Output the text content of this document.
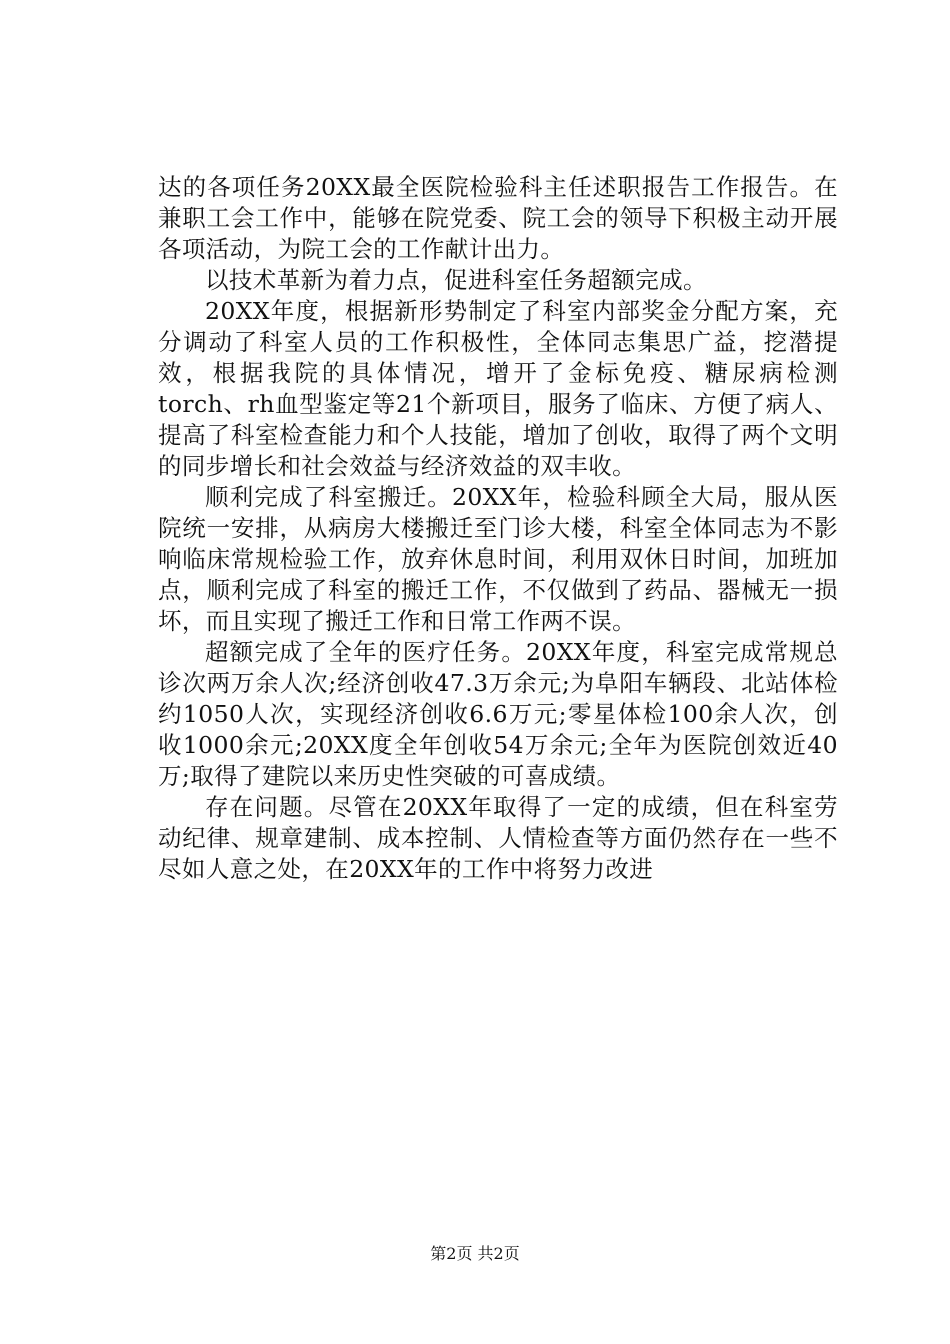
达的各项任务20XX最全医院检验科主任述职报告工作报告。在兼职工会工作中，能够在院党委、院工会的领导下积极主动开展各项活动，为院工会的工作献计出力。

以技术革新为着力点，促进科室任务超额完成。

20XX年度，根据新形势制定了科室内部奖金分配方案，充分调动了科室人员的工作积极性，全体同志集思广益，挖潜提效，根据我院的具体情况，增开了金标免疫、糖尿病检测torch、rh血型鉴定等21个新项目，服务了临床、方便了病人、提高了科室检查能力和个人技能，增加了创收，取得了两个文明的同步增长和社会效益与经济效益的双丰收。

顺利完成了科室搬迁。20XX年，检验科顾全大局，服从医院统一安排，从病房大楼搬迁至门诊大楼，科室全体同志为不影响临床常规检验工作，放弃休息时间，利用双休日时间，加班加点，顺利完成了科室的搬迁工作，不仅做到了药品、器械无一损坏，而且实现了搬迁工作和日常工作两不误。

超额完成了全年的医疗任务。20XX年度，科室完成常规总诊次两万余人次;经济创收47.3万余元;为阜阳车辆段、北站体检约1050人次，实现经济创收6.6万元;零星体检100余人次，创收1000余元;20XX度全年创收54万余元;全年为医院创效近40万;取得了建院以来历史性突破的可喜成绩。

存在问题。尽管在20XX年取得了一定的成绩，但在科室劳动纪律、规章建制、成本控制、人情检查等方面仍然存在一些不尽如人意之处，在20XX年的工作中将努力改进

第2页 共2页
